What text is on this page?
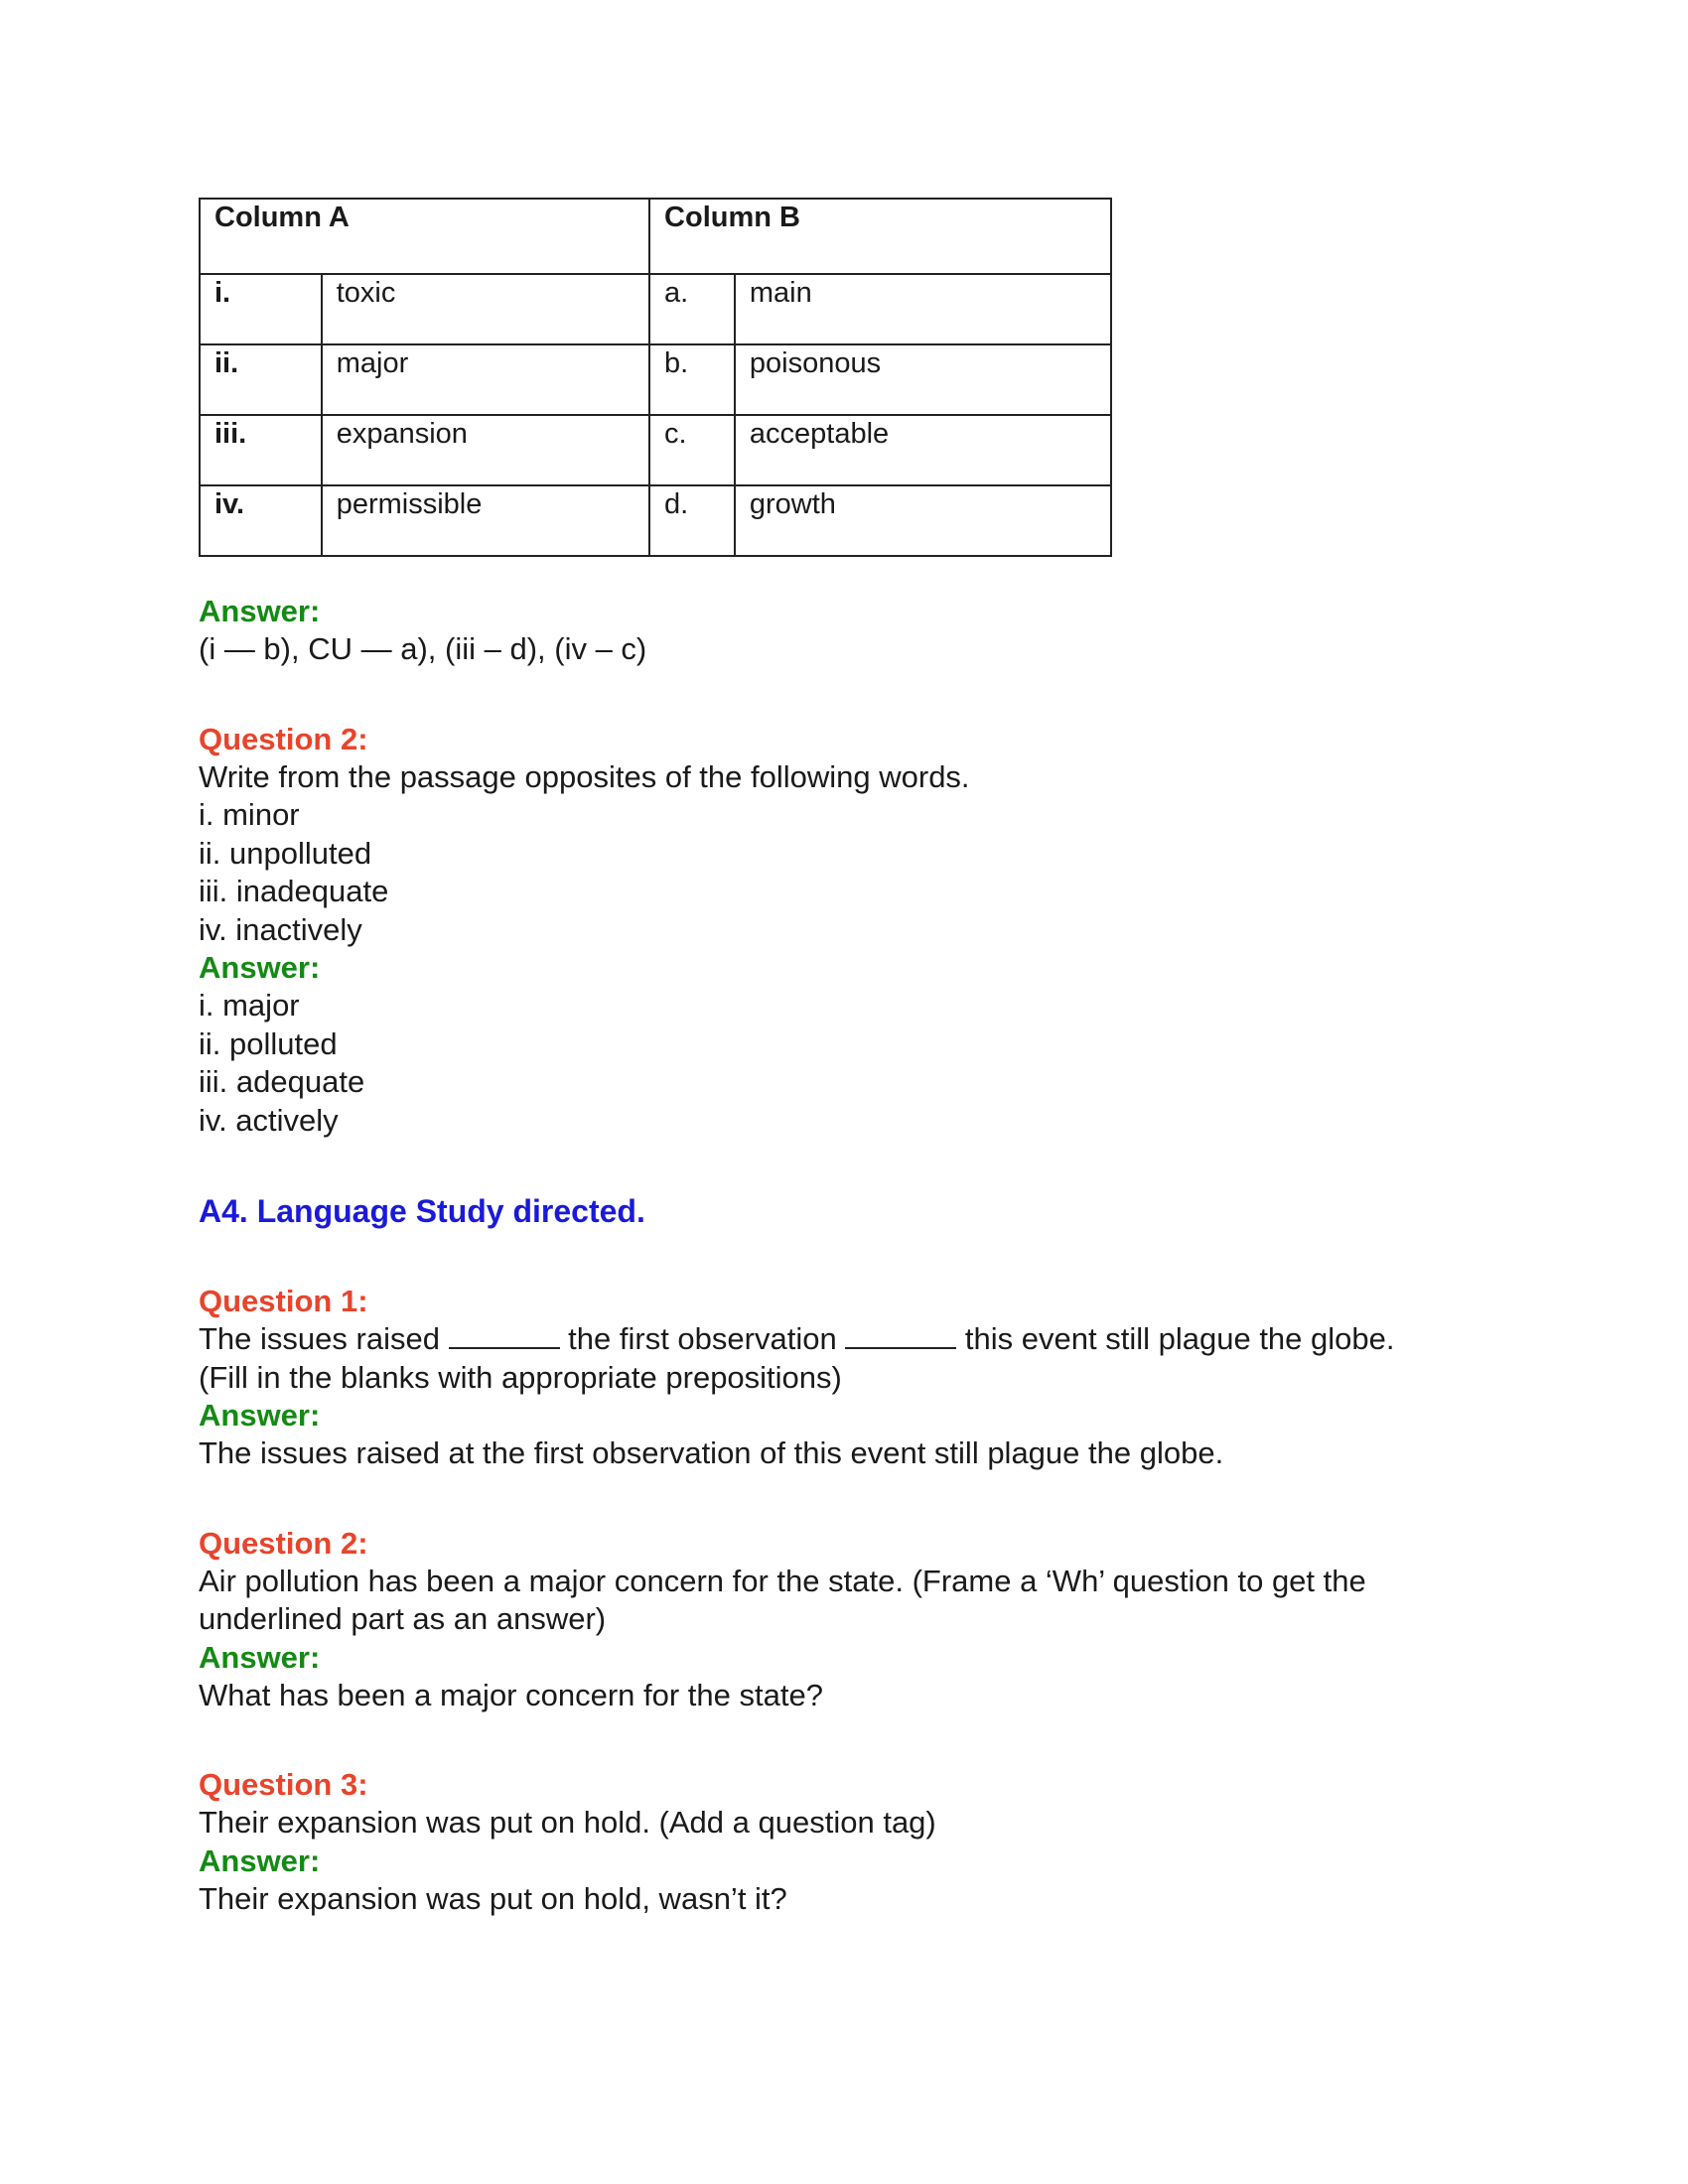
Column A		Column B	
i.	toxic	a.	main
ii.	major	b.	poisonous
iii.	expansion	c.	acceptable
iv.	permissible	d.	growth
Answer:
(i — b), CU — a), (iii – d), (iv – c)
Question 2:
Write from the passage opposites of the following words.
i. minor
ii. unpolluted
iii. inadequate
iv. inactively
Answer:
i. major
ii. polluted
iii. adequate
iv. actively
A4. Language Study directed.
Question 1:
The issues raised	the first observation	this event still plague the globe.
(Fill in the blanks with appropriate prepositions)
Answer:
The issues raised at the first observation of this event still plague the globe.
Question 2:
Air pollution has been a major concern for the state. (Frame a ‘Wh’ question to get the
underlined part as an answer)
Answer:
What has been a major concern for the state?
Question 3:
Their expansion was put on hold. (Add a question tag)
Answer:
Their expansion was put on hold, wasn’t it?
